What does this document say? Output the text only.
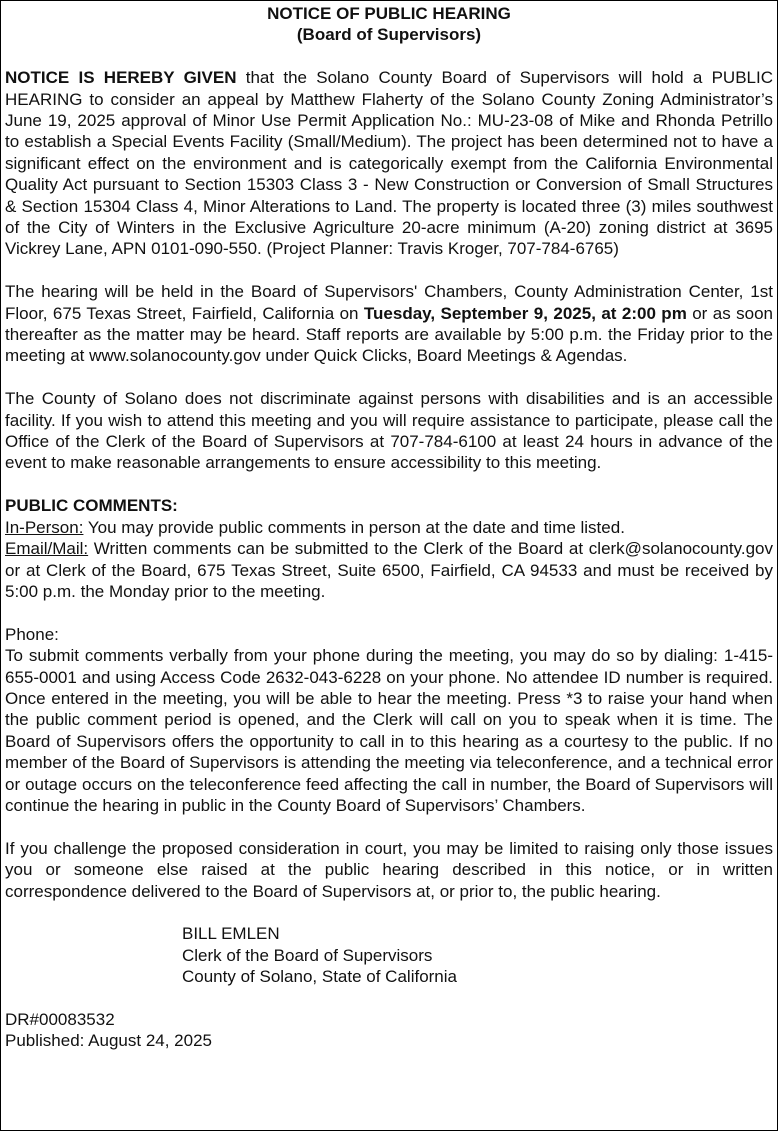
NOTICE OF PUBLIC HEARING
(Board of Supervisors)

NOTICE IS HEREBY GIVEN that the Solano County Board of Supervisors will hold a PUBLIC HEARING to consider an appeal by Matthew Flaherty of the Solano County Zoning Administrator’s June 19, 2025 approval of Minor Use Permit Application No.: MU-23-08 of Mike and Rhonda Petrillo to establish a Special Events Facility (Small/Medium). The project has been determined not to have a significant effect on the environment and is categorically exempt from the California Environmental Quality Act pursuant to Section 15303 Class 3 - New Construction or Conversion of Small Structures & Section 15304 Class 4, Minor Alterations to Land. The property is located three (3) miles southwest of the City of Winters in the Exclusive Agriculture 20-acre minimum (A-20) zoning district at 3695 Vickrey Lane, APN 0101-090-550. (Project Planner: Travis Kroger, 707-784-6765)

The hearing will be held in the Board of Supervisors' Chambers, County Administration Center, 1st Floor, 675 Texas Street, Fairfield, California on Tuesday, September 9, 2025, at 2:00 pm or as soon thereafter as the matter may be heard. Staff reports are available by 5:00 p.m. the Friday prior to the meeting at www.solanocounty.gov under Quick Clicks, Board Meetings & Agendas.

The County of Solano does not discriminate against persons with disabilities and is an accessible facility. If you wish to attend this meeting and you will require assistance to participate, please call the Office of the Clerk of the Board of Supervisors at 707-784-6100 at least 24 hours in advance of the event to make reasonable arrangements to ensure accessibility to this meeting.

PUBLIC COMMENTS:

In-Person: You may provide public comments in person at the date and time listed.

Email/Mail: Written comments can be submitted to the Clerk of the Board at clerk@solanocounty.gov or at Clerk of the Board, 675 Texas Street, Suite 6500, Fairfield, CA 94533 and must be received by 5:00 p.m. the Monday prior to the meeting.

Phone:

To submit comments verbally from your phone during the meeting, you may do so by dialing: 1-415-655-0001 and using Access Code 2632-043-6228 on your phone. No attendee ID number is required. Once entered in the meeting, you will be able to hear the meeting. Press *3 to raise your hand when the public comment period is opened, and the Clerk will call on you to speak when it is time. The Board of Supervisors offers the opportunity to call in to this hearing as a courtesy to the public. If no member of the Board of Supervisors is attending the meeting via teleconference, and a technical error or outage occurs on the teleconference feed affecting the call in number, the Board of Supervisors will continue the hearing in public in the County Board of Supervisors’ Chambers.

If you challenge the proposed consideration in court, you may be limited to raising only those issues you or someone else raised at the public hearing described in this notice, or in written correspondence delivered to the Board of Supervisors at, or prior to, the public hearing.

BILL EMLEN
Clerk of the Board of Supervisors
County of Solano, State of California
DR#00083532
Published: August 24, 2025
